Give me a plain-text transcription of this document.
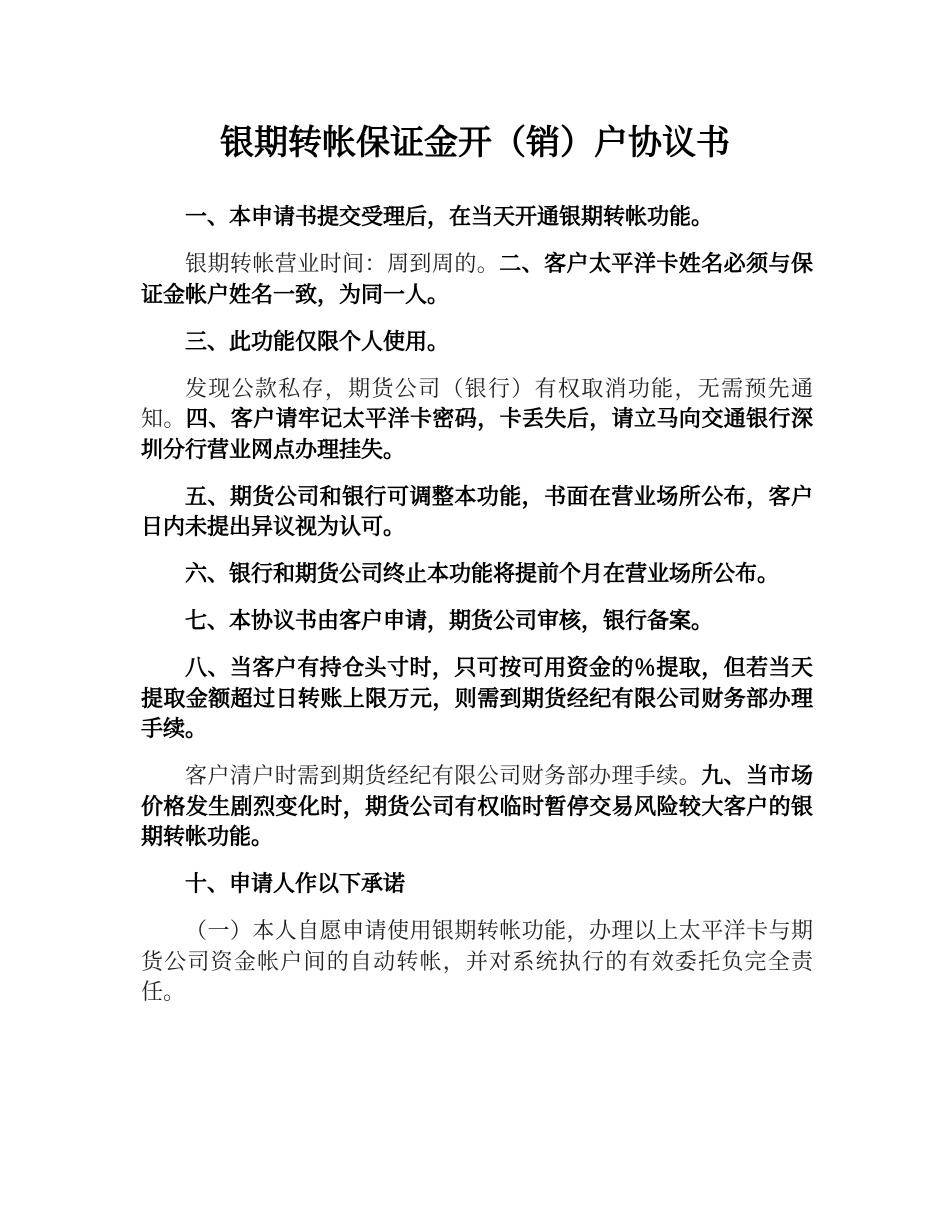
银期转帐保证金开（销）户协议书

一、本申请书提交受理后，在当天开通银期转帐功能。

银期转帐营业时间：周到周的。二、客户太平洋卡姓名必须与保证金帐户姓名一致，为同一人。

三、此功能仅限个人使用。

发现公款私存，期货公司（银行）有权取消功能，无需预先通知。四、客户请牢记太平洋卡密码，卡丢失后，请立马向交通银行深圳分行营业网点办理挂失。

五、期货公司和银行可调整本功能，书面在营业场所公布，客户日内未提出异议视为认可。

六、银行和期货公司终止本功能将提前个月在营业场所公布。

七、本协议书由客户申请，期货公司审核，银行备案。

八、当客户有持仓头寸时，只可按可用资金的％提取，但若当天提取金额超过日转账上限万元，则需到期货经纪有限公司财务部办理手续。

客户清户时需到期货经纪有限公司财务部办理手续。九、当市场价格发生剧烈变化时，期货公司有权临时暂停交易风险较大客户的银期转帐功能。

十、申请人作以下承诺

（一）本人自愿申请使用银期转帐功能，办理以上太平洋卡与期货公司资金帐户间的自动转帐，并对系统执行的有效委托负完全责任。
